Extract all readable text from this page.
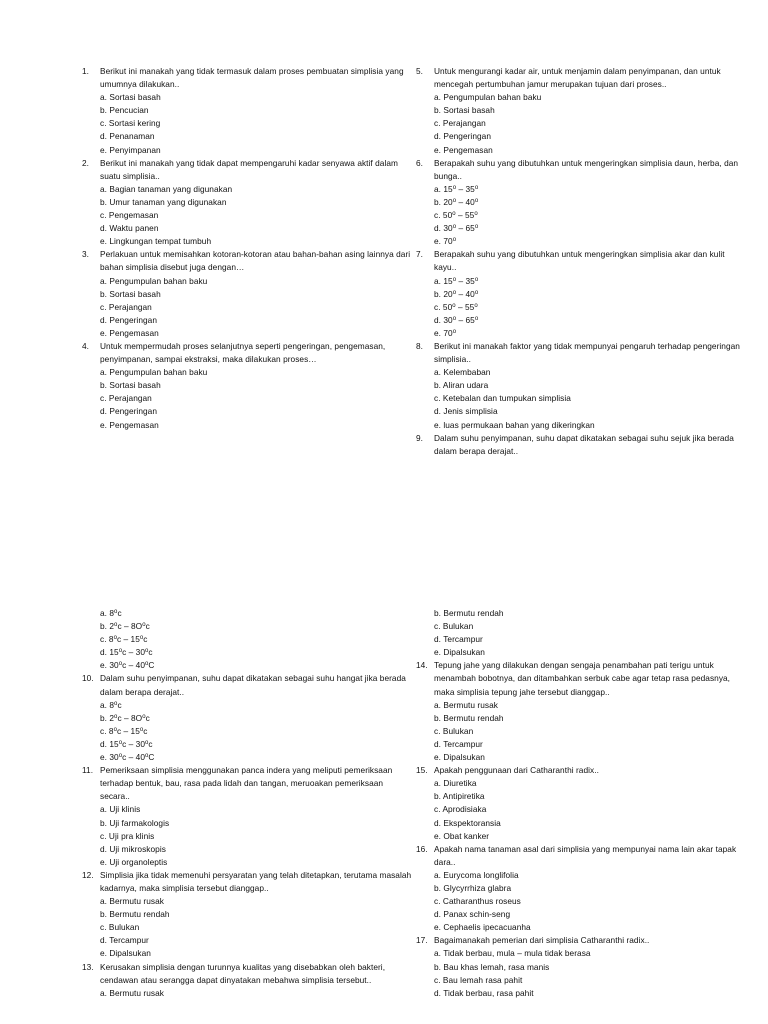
1.	Berikut ini manakah yang tidak termasuk dalam proses pembuatan simplisia yang umumnya dilakukan..
a. Sortasi basah
b. Pencucian
c. Sortasi kering
d. Penanaman
e. Penyimpanan
2.	Berikut ini manakah yang tidak dapat mempengaruhi kadar senyawa aktif dalam suatu simplisia..
a. Bagian tanaman yang digunakan
b. Umur tanaman yang digunakan
c. Pengemasan
d. Waktu panen
e. Lingkungan tempat tumbuh
3.	Perlakuan untuk memisahkan kotoran-kotoran atau bahan-bahan asing lainnya dari bahan simplisia disebut juga dengan…
a. Pengumpulan bahan baku
b. Sortasi basah
c. Perajangan
d. Pengeringan
e. Pengemasan
4.	Untuk mempermudah proses selanjutnya seperti pengeringan, pengemasan, penyimpanan, sampai ekstraksi, maka dilakukan proses…
a. Pengumpulan bahan baku
b. Sortasi basah
c. Perajangan
d. Pengeringan
e. Pengemasan
5.	Untuk mengurangi kadar air, untuk menjamin dalam penyimpanan, dan untuk mencegah pertumbuhan jamur merupakan tujuan dari proses..
a. Pengumpulan bahan baku
b. Sortasi basah
c. Perajangan
d. Pengeringan
e. Pengemasan
6.	Berapakah suhu yang dibutuhkan untuk mengeringkan simplisia daun, herba, dan bunga..
a. 15$^o$ – 35$^o$
b. 20$^o$ – 40$^o$
c. 50$^o$ – 55$^o$
d. 30$^o$ – 65$^o$
e. 70$^o$
7.	Berapakah suhu yang dibutuhkan untuk mengeringkan simplisia akar dan kulit kayu..
a. 15$^o$ – 35$^o$
b. 20$^o$ – 40$^o$
c. 50$^o$ – 55$^o$
d. 30$^o$ – 65$^o$
e. 70$^o$
8.	Berikut ini manakah faktor yang tidak mempunyai pengaruh terhadap pengeringan simplisia..
a. Kelembaban
b. Aliran udara
c. Ketebalan dan tumpukan simplisia
d. Jenis simplisia
e. luas permukaan bahan yang dikeringkan
9.	Dalam suhu penyimpanan, suhu dapat dikatakan sebagai suhu sejuk jika berada dalam berapa derajat..
a. 8$^o$c
b. $2^oc - 8O^oc$
c. 8$^o$c – 15$^o$c
d. 15$^o$c – 30$^o$c
e. 30$^o$c – 40$^o$C
10. Dalam suhu penyimpanan, suhu dapat dikatakan sebagai suhu hangat jika berada dalam berapa derajat..
a. 8$^o$c
b. $2^oc - 8O^oc$
c. 8$^o$c – 15$^o$c
d. 15$^o$c – 30$^o$c
e. 30$^o$c – 40$^o$C
11. Pemeriksaan simplisia menggunakan panca indera yang meliputi pemeriksaan terhadap bentuk, bau, rasa pada lidah dan tangan, meruoakan pemeriksaan secara..
a. Uji klinis
b. Uji farmakologis
c. Uji pra klinis
d. Uji mikroskopis
e. Uji organoleptis
12. Simplisia jika tidak memenuhi persyaratan yang telah ditetapkan, terutama masalah kadarnya, maka simplisia tersebut dianggap..
a. Bermutu rusak
b. Bermutu rendah
c. Bulukan
d. Tercampur
e. Dipalsukan
13. Kerusakan simplisia dengan turunnya kualitas yang disebabkan oleh bakteri, cendawan atau serangga dapat dinyatakan mebahwa simplisia tersebut..
a. Bermutu rusak
b. Bermutu rendah
c. Bulukan
d. Tercampur
e. Dipalsukan
14. Tepung jahe yang dilakukan dengan sengaja penambahan pati terigu untuk menambah bobotnya, dan ditambahkan serbuk cabe agar tetap rasa pedasnya, maka simplisia tepung jahe tersebut dianggap..
a. Bermutu rusak
b. Bermutu rendah
c. Bulukan
d. Tercampur
e. Dipalsukan
15. Apakah penggunaan dari Catharanthi radix..
a. Diuretika
b. Antipiretika
c. Aprodisiaka
d. Ekspektoransia
e. Obat kanker
16. Apakah nama tanaman asal dari simplisia yang mempunyai nama lain akar tapak dara..
a. Eurycoma longlifolia
b. Glycyrrhiza glabra
c. Catharanthus roseus
d. Panax schin-seng
e. Cephaelis ipecacuanha
17. Bagaimanakah pemerian dari simplisia Catharanthi radix..
a. Tidak berbau, mula – mula tidak berasa
b. Bau khas lemah, rasa manis
c. Bau lemah rasa pahit
d. Tidak berbau, rasa pahit
